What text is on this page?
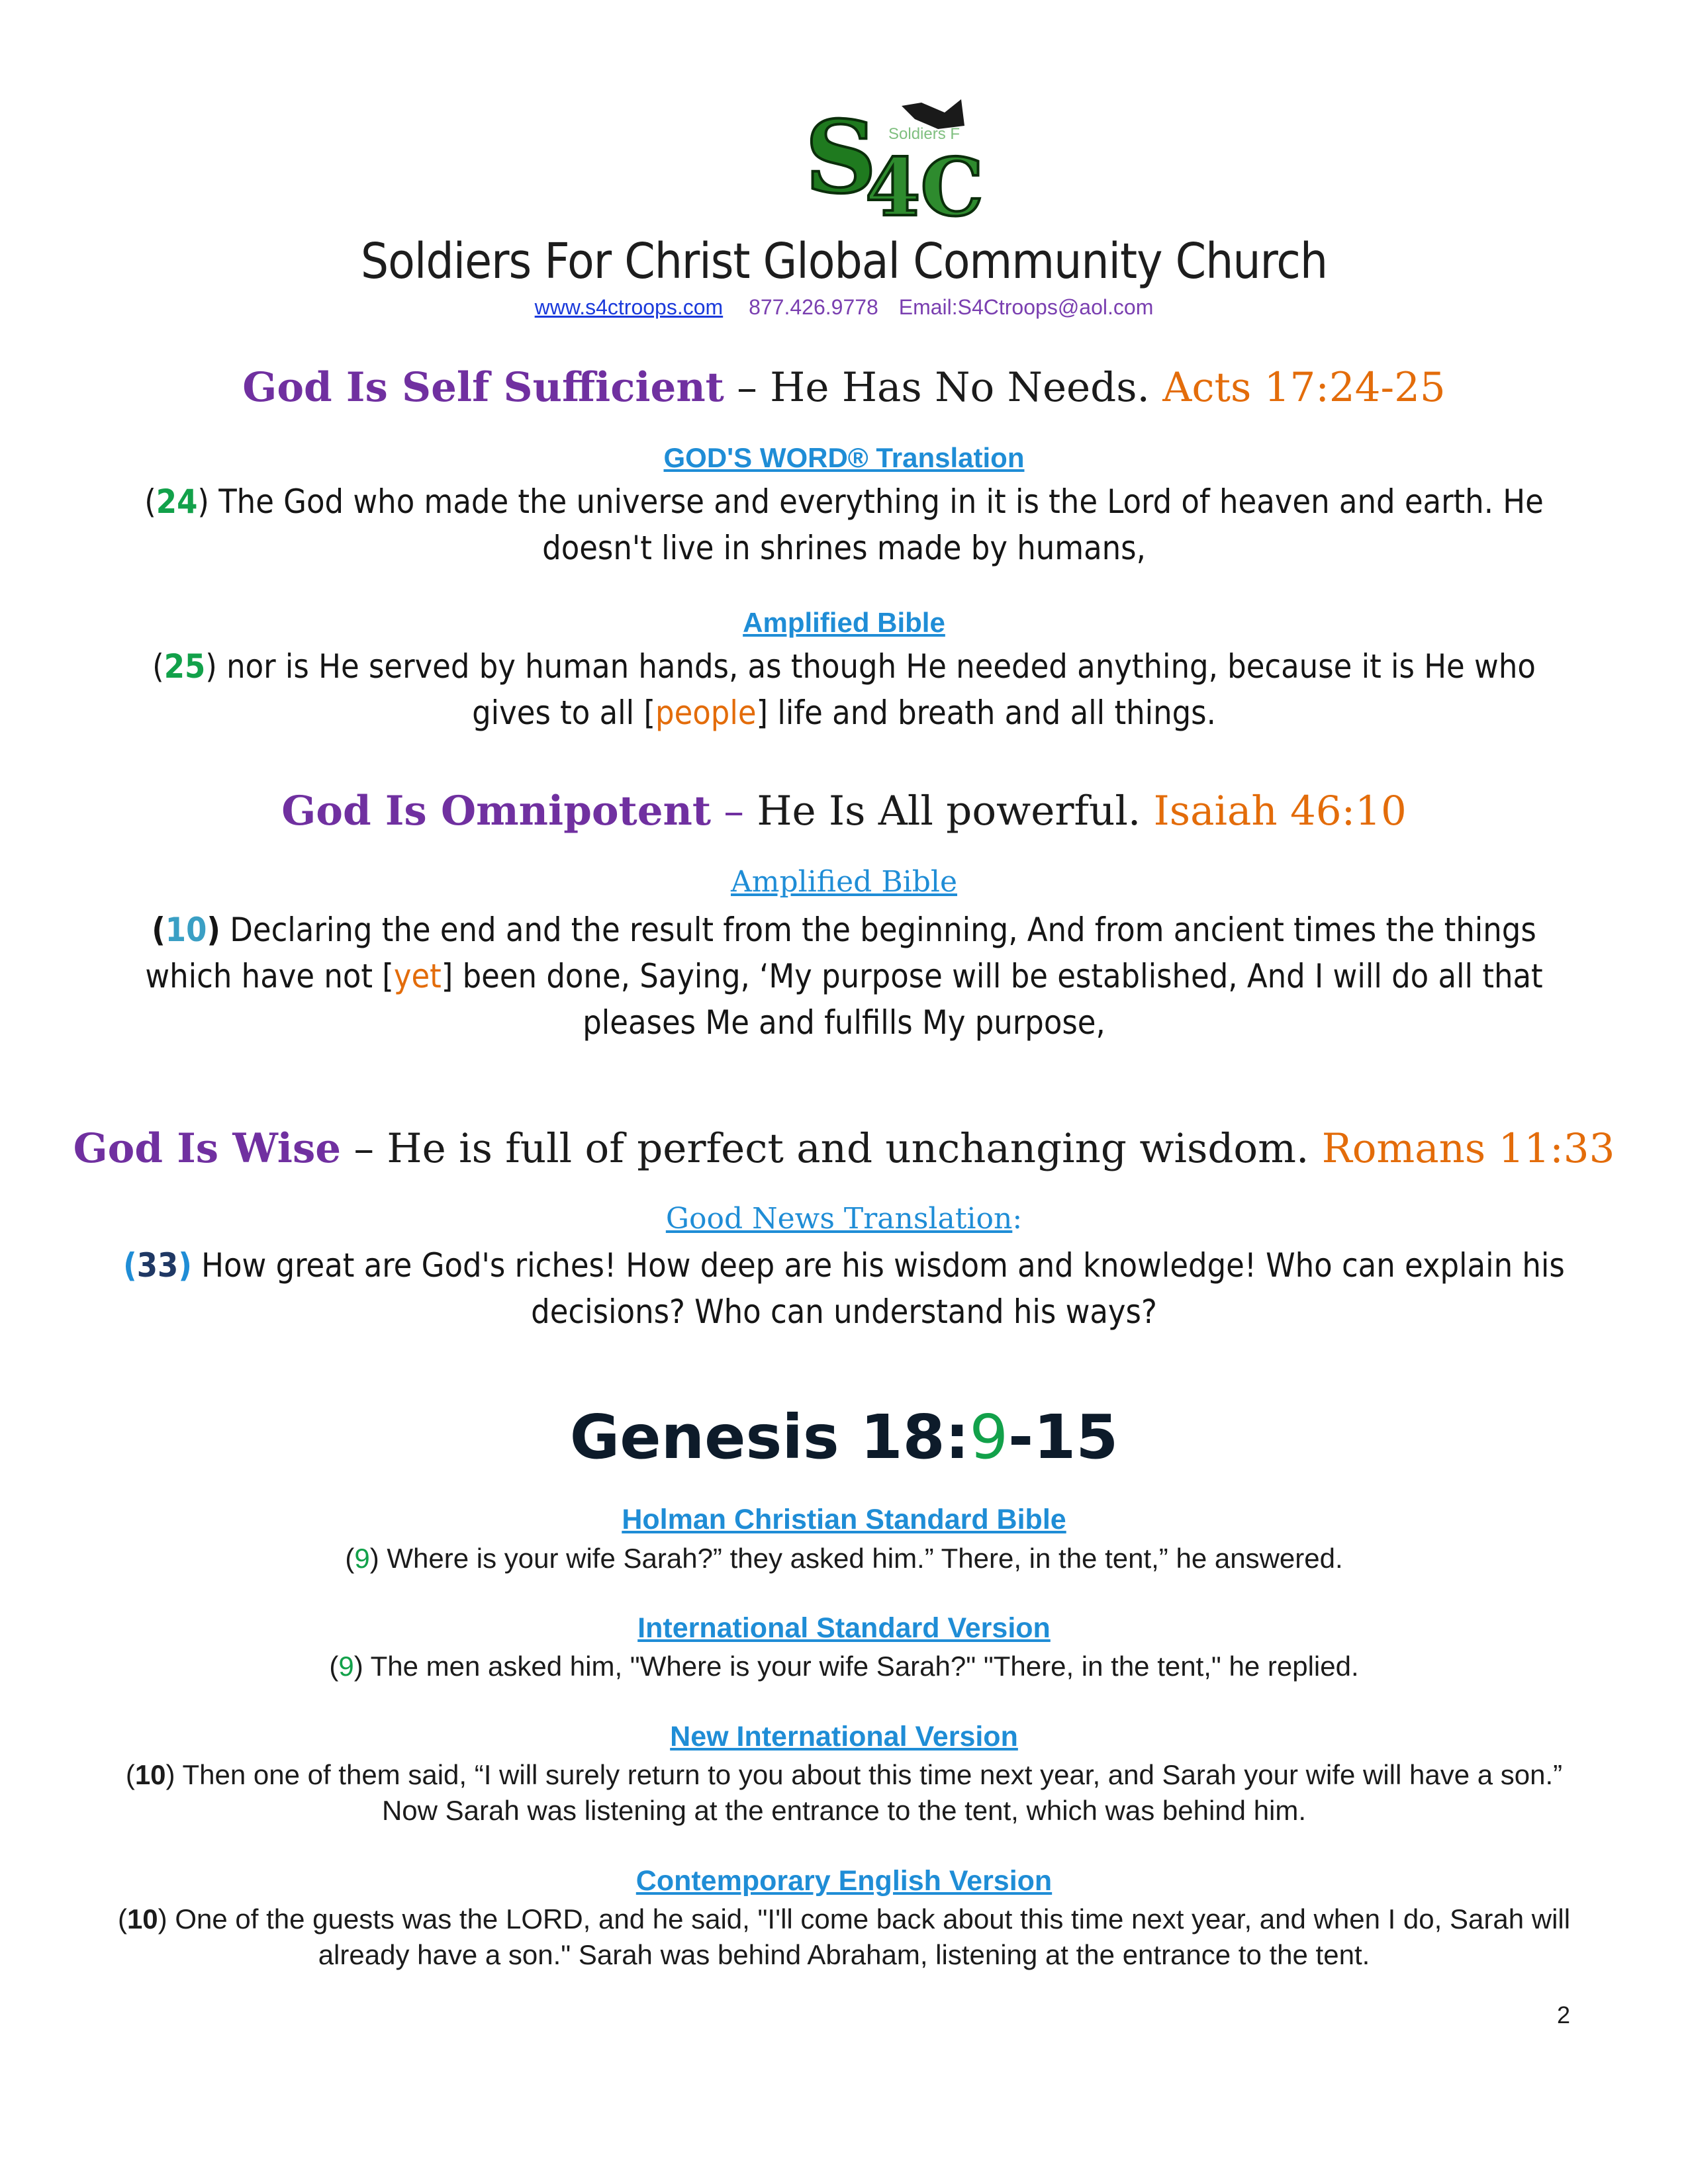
S
4C
Soldiers F
Soldiers For Christ Global Community Church
www.s4ctroops.com 877.426.9778 Email:S4Ctroops@aol.com
God Is Self Sufficient – He Has No Needs. Acts 17:24-25
GOD'S WORD® Translation
(24) The God who made the universe and everything in it is the Lord of heaven and earth. He doesn't live in shrines made by humans,
Amplified Bible
(25) nor is He served by human hands, as though He needed anything, because it is He who gives to all [people] life and breath and all things.
God Is Omnipotent – He Is All powerful. Isaiah 46:10
Amplified Bible
(10) Declaring the end and the result from the beginning, And from ancient times the things which have not [yet] been done, Saying, ‘My purpose will be established, And I will do all that pleases Me and fulfills My purpose,
God Is Wise – He is full of perfect and unchanging wisdom. Romans 11:33
Good News Translation:
(33) How great are God's riches! How deep are his wisdom and knowledge! Who can explain his decisions? Who can understand his ways?
Genesis 18:9-15
Holman Christian Standard Bible
(9) Where is your wife Sarah?” they asked him.” There, in the tent,” he answered.
International Standard Version
(9) The men asked him, "Where is your wife Sarah?" "There, in the tent," he replied.
New International Version
(10) Then one of them said, “I will surely return to you about this time next year, and Sarah your wife will have a son.” Now Sarah was listening at the entrance to the tent, which was behind him.
Contemporary English Version
(10) One of the guests was the LORD, and he said, "I'll come back about this time next year, and when I do, Sarah will already have a son." Sarah was behind Abraham, listening at the entrance to the tent.
2
